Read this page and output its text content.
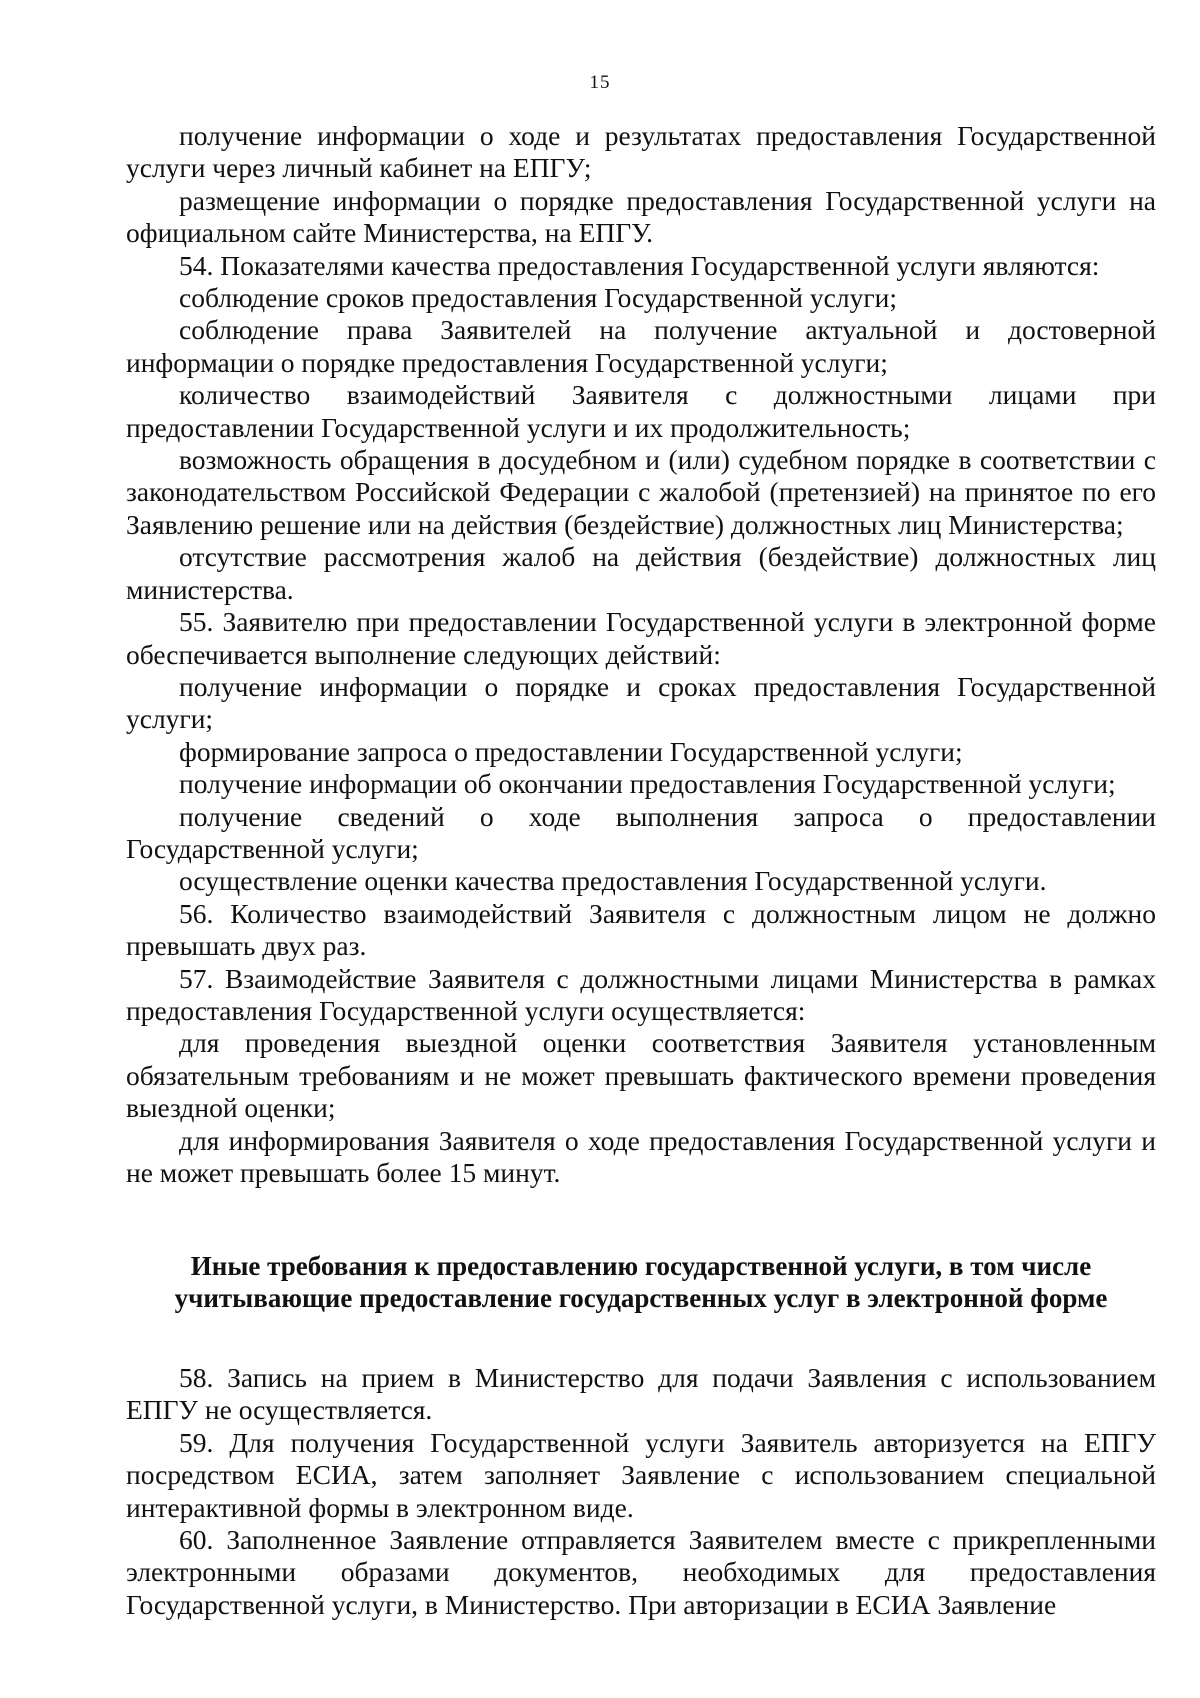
15

получение информации о ходе и результатах предоставления Государственной услуги через личный кабинет на ЕПГУ;

размещение информации о порядке предоставления Государственной услуги на официальном сайте Министерства, на ЕПГУ.

54. Показателями качества предоставления Государственной услуги являются:

соблюдение сроков предоставления Государственной услуги;

соблюдение права Заявителей на получение актуальной и достоверной информации о порядке предоставления Государственной услуги;

количество взаимодействий Заявителя с должностными лицами при предоставлении Государственной услуги и их продолжительность;

возможность обращения в досудебном и (или) судебном порядке в соответствии с законодательством Российской Федерации с жалобой (претензией) на принятое по его Заявлению решение или на действия (бездействие) должностных лиц Министерства;

отсутствие рассмотрения жалоб на действия (бездействие) должностных лиц министерства.

55. Заявителю при предоставлении Государственной услуги в электронной форме обеспечивается выполнение следующих действий:

получение информации о порядке и сроках предоставления Государственной услуги;

формирование запроса о предоставлении Государственной услуги;

получение информации об окончании предоставления Государственной услуги;

получение сведений о ходе выполнения запроса о предоставлении Государственной услуги;

осуществление оценки качества предоставления Государственной услуги.

56. Количество взаимодействий Заявителя с должностным лицом не должно превышать двух раз.

57. Взаимодействие Заявителя с должностными лицами Министерства в рамках предоставления Государственной услуги осуществляется:

для проведения выездной оценки соответствия Заявителя установленным обязательным требованиям и не может превышать фактического времени проведения выездной оценки;

для информирования Заявителя о ходе предоставления Государственной услуги и не может превышать более 15 минут.

Иные требования к предоставлению государственной услуги, в том числе
учитывающие предоставление государственных услуг в электронной форме

58. Запись на прием в Министерство для подачи Заявления с использованием ЕПГУ не осуществляется.

59. Для получения Государственной услуги Заявитель авторизуется на ЕПГУ посредством ЕСИА, затем заполняет Заявление с использованием специальной интерактивной формы в электронном виде.

60. Заполненное Заявление отправляется Заявителем вместе с прикрепленными электронными образами документов, необходимых для предоставления Государственной услуги, в Министерство. При авторизации в ЕСИА Заявление
